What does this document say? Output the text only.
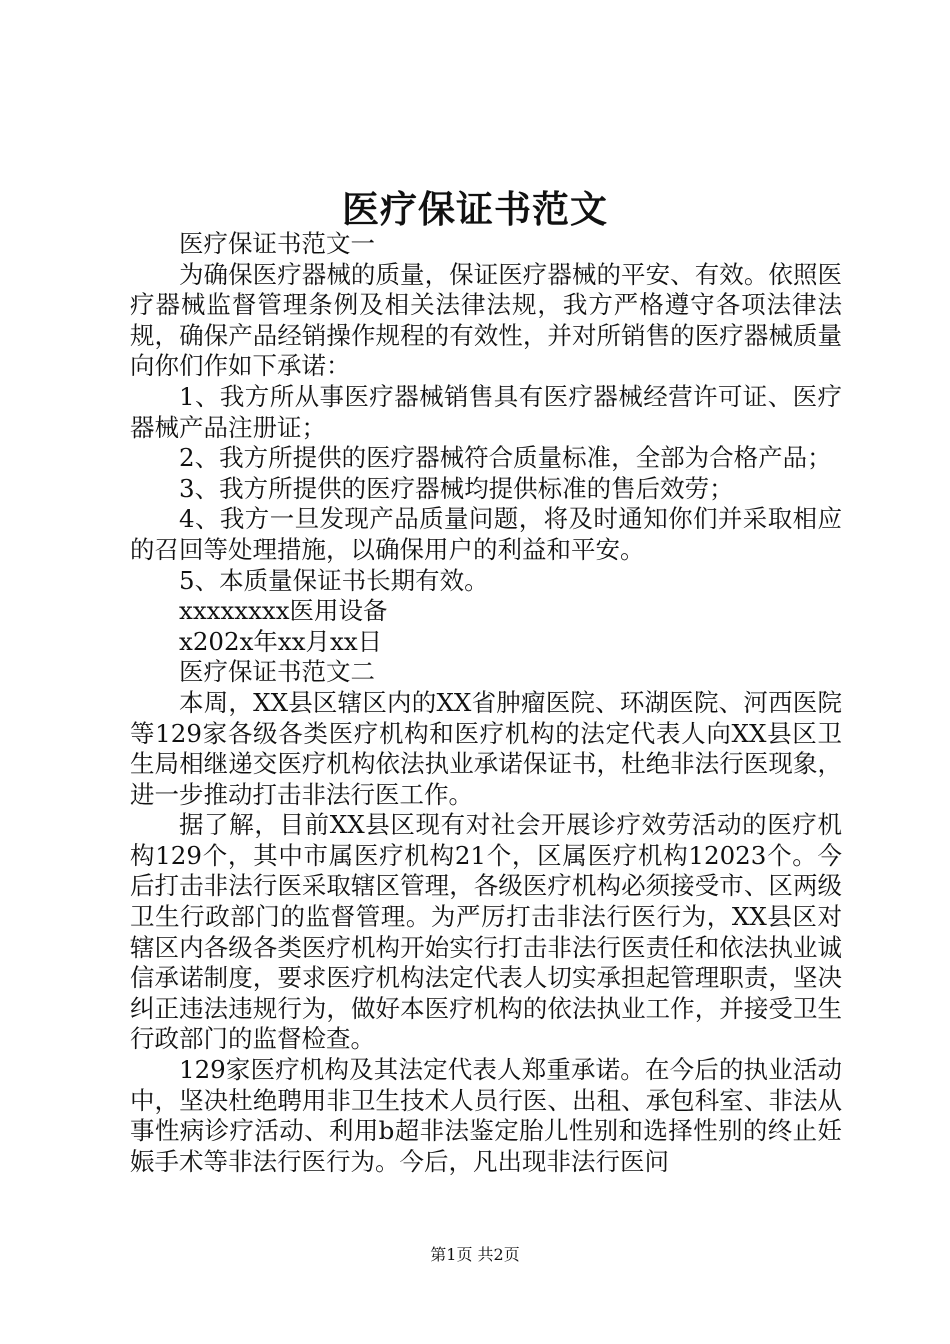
医疗保证书范文

医疗保证书范文一

为确保医疗器械的质量，保证医疗器械的平安、有效。依照医疗器械监督管理条例及相关法律法规，我方严格遵守各项法律法规，确保产品经销操作规程的有效性，并对所销售的医疗器械质量向你们作如下承诺：

1、我方所从事医疗器械销售具有医疗器械经营许可证、医疗器械产品注册证；

2、我方所提供的医疗器械符合质量标准，全部为合格产品；

3、我方所提供的医疗器械均提供标准的售后效劳；

4、我方一旦发现产品质量问题，将及时通知你们并采取相应的召回等处理措施，以确保用户的利益和平安。

5、本质量保证书长期有效。

xxxxxxxx医用设备

x202x年xx月xx日

医疗保证书范文二

本周，XX县区辖区内的XX省肿瘤医院、环湖医院、河西医院等129家各级各类医疗机构和医疗机构的法定代表人向XX县区卫生局相继递交医疗机构依法执业承诺保证书，杜绝非法行医现象，进一步推动打击非法行医工作。

据了解，目前XX县区现有对社会开展诊疗效劳活动的医疗机构129个，其中市属医疗机构21个，区属医疗机构12023个。今后打击非法行医采取辖区管理，各级医疗机构必须接受市、区两级卫生行政部门的监督管理。为严厉打击非法行医行为，XX县区对辖区内各级各类医疗机构开始实行打击非法行医责任和依法执业诚信承诺制度，要求医疗机构法定代表人切实承担起管理职责，坚决纠正违法违规行为，做好本医疗机构的依法执业工作，并接受卫生行政部门的监督检查。

129家医疗机构及其法定代表人郑重承诺。在今后的执业活动中，坚决杜绝聘用非卫生技术人员行医、出租、承包科室、非法从事性病诊疗活动、利用b超非法鉴定胎儿性别和选择性别的终止妊娠手术等非法行医行为。今后，凡出现非法行医问

第1页 共2页
